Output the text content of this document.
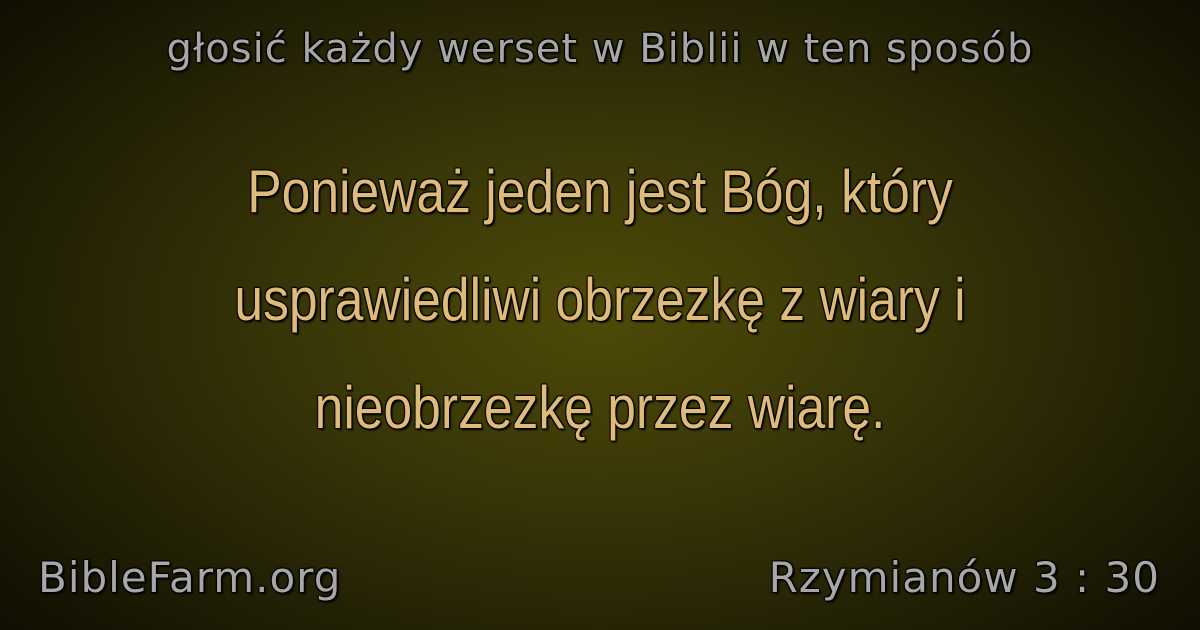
głosić każdy werset w Biblii w ten sposób
Ponieważ jeden jest Bóg, który
usprawiedliwi obrzezkę z wiary i
nieobrzezkę przez wiarę.
BibleFarm.org	Rzymianów 3 : 30
